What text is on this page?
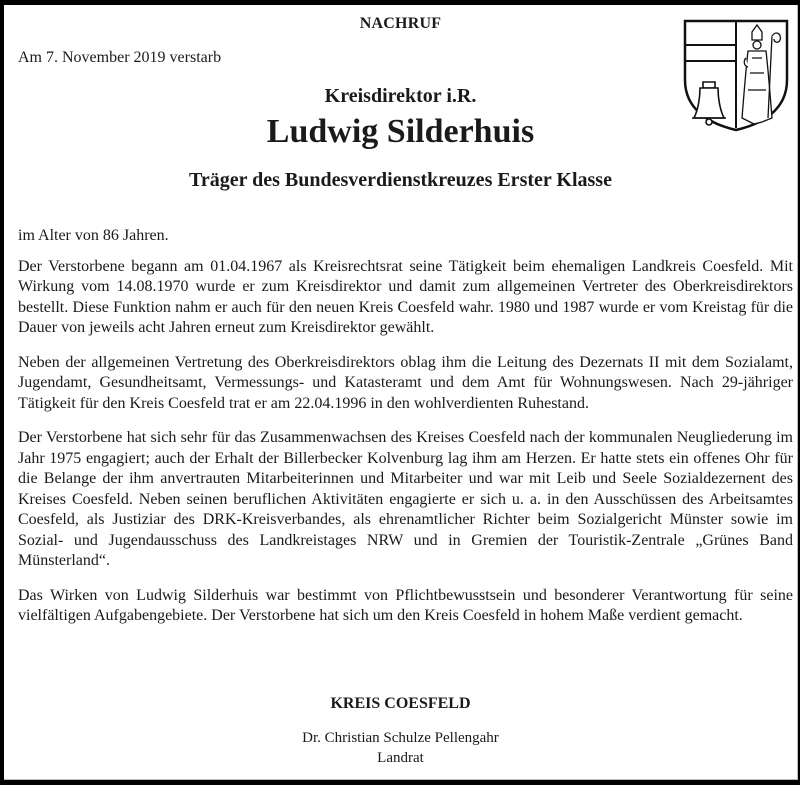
NACHRUF
Am 7. November 2019 verstarb
Kreisdirektor i.R.
Ludwig Silderhuis
Träger des Bundesverdienstkreuzes Erster Klasse

im Alter von 86 Jahren.

Der Verstorbene begann am 01.04.1967 als Kreisrechtsrat seine Tätigkeit beim ehemaligen Landkreis Coesfeld. Mit Wirkung vom 14.08.1970 wurde er zum Kreisdirektor und damit zum allgemeinen Vertreter des Oberkreisdirektors bestellt. Diese Funktion nahm er auch für den neuen Kreis Coesfeld wahr. 1980 und 1987 wurde er vom Kreistag für die Dauer von jeweils acht Jahren erneut zum Kreisdirektor gewählt.

Neben der allgemeinen Vertretung des Oberkreisdirektors oblag ihm die Leitung des Dezernats II mit dem Sozialamt, Jugendamt, Gesundheitsamt, Vermessungs- und Katasteramt und dem Amt für Wohnungswesen. Nach 29-jähriger Tätigkeit für den Kreis Coesfeld trat er am 22.04.1996 in den wohlverdienten Ruhestand.

Der Verstorbene hat sich sehr für das Zusammenwachsen des Kreises Coesfeld nach der kommunalen Neugliederung im Jahr 1975 engagiert; auch der Erhalt der Billerbecker Kolvenburg lag ihm am Herzen. Er hatte stets ein offenes Ohr für die Belange der ihm anvertrauten Mitarbeiterinnen und Mitarbeiter und war mit Leib und Seele Sozialdezernent des Kreises Coesfeld. Neben seinen beruflichen Aktivitäten engagierte er sich u. a. in den Ausschüssen des Arbeitsamtes Coesfeld, als Justiziar des DRK-Kreisverbandes, als ehrenamtlicher Richter beim Sozialgericht Münster sowie im Sozial- und Jugendausschuss des Landkreistages NRW und in Gremien der Touristik-Zentrale „Grünes Band Münsterland“.

Das Wirken von Ludwig Silderhuis war bestimmt von Pflichtbewusstsein und besonderer Verantwortung für seine vielfältigen Aufgabengebiete. Der Verstorbene hat sich um den Kreis Coesfeld in hohem Maße verdient gemacht.

KREIS COESFELD
Dr. Christian Schulze Pellengahr
Landrat
